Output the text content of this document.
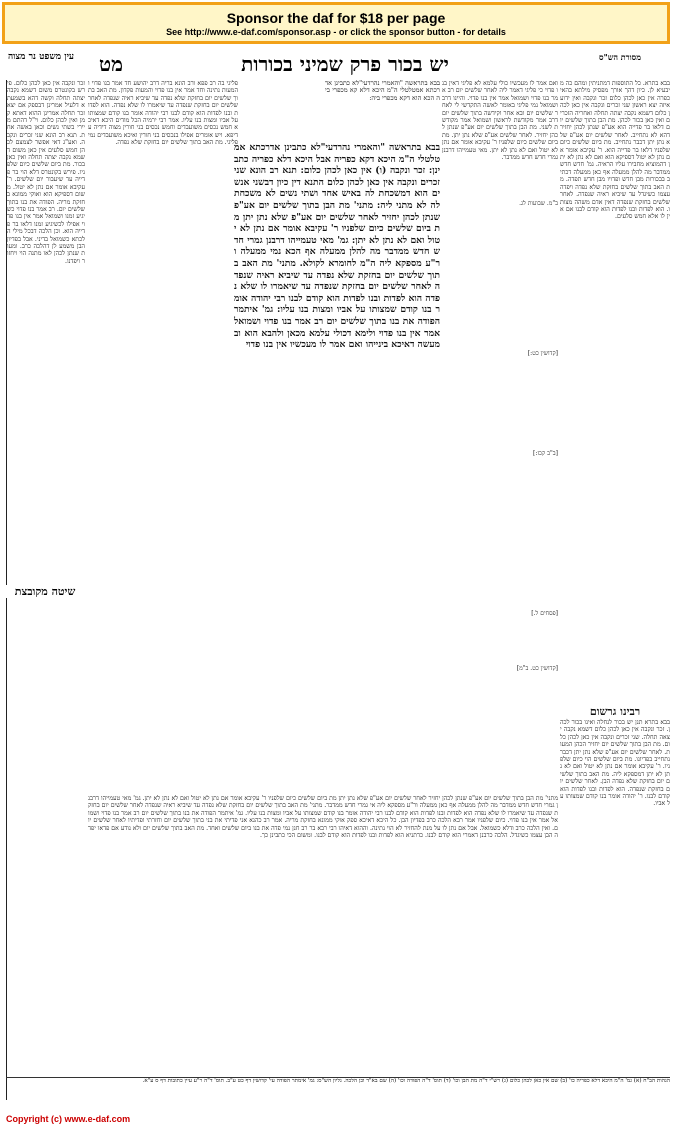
Sponsor the daf for $18 per page
See http://www.e-daf.com/sponsor.asp - or click the sponsor button - for details
מסורת הש"ס
יש בכור פרק שמיני בכורות
מט
עין משפט נר מצוה
בבא בתרא. כל התוספות דמתניתין ומהם כה מיבעיא לן. כיון דהך אורך מפסיק מילתא בהאי כפרה אין כאן לכהן כלום זכר ונקבה ואין ידוע איזה יצא ראשון שני זכרים ונקבה אין כאן לכהן כלום דשמא נקבה יצתה תחלה ואחריה הזכרים ואין כאן בכור לכהן. מת הבן בתוך שלשים יום דלאו בר פדייה הוא אע"פ שנתן לכהן יחזיר דהא לא נתחייב. לאחר שלשים יום אע"פ שלא נתן יתן דכבר נתחייב. מת ביום שלשים כיום שלפניו דלאו בר פדייה הוא. ר' עקיבא אומר אם נתן לא יטול דספיקא הוא ואם לא נתן לא יתן דהמוציא מחבירו עליו הראיה. גמ' חדש חדש ממדבר מה להלן ממעלה אף כאן ממעלה דכתיב בבכורות מבן חדש ופדויו מבן חדש תפדה. מת האב בתוך שלשים בחזקת שלא נפדה ויפדה עצמו כשיגדל עד שיביא ראיה שנפדה. לאחר שלשים בחזקת שנפדה דאין אדם משהה מצותו. הוא לפדות ובנו לפדות הוא קודם לבנו אם אין לו אלא חמש סלעים.
בבא בתראשה "והאמרי נהרדעי"לא כתבינן אדרכתא אמטלטלי ה"מ היכא דלא קא מכפרי ביה הכא הוא דקא מכפרי ביה:
בבא בתראשה "והאמרי נהרדעי"לא כתבינן אדרכתא אמטלטלי ה"מ היכא דקא כפריה אבל היכא דלא כפריה כתבינן: זכר ונקבה (ו) אין כאן לכהן כלום: תנא רב הונא שני זכרים ונקבה אין כאן לכהן כלום התנא דין כיון דבשני אנשים הוא דמשכחת לה באיש אחד ושתי נשים לא משכחת לה לא מתני ליה: מתני' מת הבן בתוך שלשים יום אע"פ שנתן לכהן יחזיר לאחר שלשים יום אע"פ שלא נתן יתן מת ביום שלשים כיום שלפניו ר' עקיבא אומר אם נתן לא יטול ואם לא נתן לא יתן: גמ' מאי טעמייהו דרבנן גמרי חדש חדש ממדבר מה להלן ממעלה אף הכא נמי ממעלה ור"ע מספקא ליה ה"מ לחומרא לקולא. מתני' מת האב בתוך שלשים יום בחזקת שלא נפדה עד שיביא ראיה שנפדה לאחר שלשים יום בחזקת שנפדה עד שיאמרו לו שלא נפדה הוא לפדות ובנו לפדות הוא קודם לבנו רבי יהודה אומר בנו קודם שמצותו על אביו ומצות בנו עליו: גמ' איתמר הפודה את בנו בתוך שלשים יום רב אמר בנו פדוי ושמואל אמר אין בנו פדוי ולימא דכולי עלמא מכאן ולהבא הוא ובמעשה דאיכא בינייהו ואם אמר לו מעכשיו אין בנו פדוי
ואם אמר לו מעכשיו כולי עלמא לא פליגי דאין בנו פדוי כי פליגי דאמר ליה לאחר שלשים יום רב אמר בנו פדוי ושמואל אמר אין בנו פדוי. והיינו דרב ושמואל נמי פליגי באומר לאשה התקדשי לי לאחר שלשים יום ובא אחר וקידשה בתוך שלשים יום דרב אמר מקודשת לראשון ושמואל אמר מקודשת לשני. מת הבן בתוך שלשים יום אע"פ שנתן לכהן יחזיר. לאחר שלשים אע"פ שלא נתן יתן. מת ביום שלשים כיום שלפניו ר' עקיבא אומר אם נתן לא יטול ואם לא נתן לא יתן. מאי טעמייהו דרבנן גמרי חדש חדש ממדבר.
פליגי בה רב פפא ורב הונא בריה דרב יהושע חד אמר בנו פדוי והמעות נתינה וחד אמר אין בנו פדוי והמעות פקדון. מת האב בתוך שלשים יום בחזקת שלא נפדה עד שיביא ראיה שנפדה לאחר שלשים יום בחזקת שנפדה עד שיאמרו לו שלא נפדה. הוא לפדות ובנו לפדות הוא קודם לבנו רבי יהודה אומר בנו קודם שמצותו על אביו ומצות בנו עליו. אמר רבי ירמיה הכל מודים היכא דאיכא חמש נכסים משועבדים וחמש נכסים בני חורין מצוה דידיה עדיפא. ויש אומרים אפילו בנכסים בני חורין ואיכא משועבדים נמי פליגי. מת האב בתוך שלשים יום בחזקת שלא נפדה.
זכר ונקבה אין כאן לכהן כלום. פירש בקונטרס משום דשמא נקבה יצתה תחלה וקשה דהא בשמעתא דלעיל אמרינן דבספק אם יצא זכר תחלה אמרינן ההוא דאתא קמן ואין לכהן כלום. וי"ל דהתם מיירי בשתי נשים וכאן באשה אחת. תנא רב הונא שני זכרים ונקבה. ואע"ג דאי אפשר לצמצם לכהן חמש סלעים אין כאן משום דשמא נקבה יצתה תחלה ואין כאן בכור. מת ביום שלשים כיום שלפניו. פירש בקונטרס דלא הוי בר פדייה עד שיעבור יום שלשים. ר' עקיבא אומר אם נתן לא יטול. משום דספיקא הוא ואוקי ממונא בחזקת מריה. הפודה את בנו בתוך שלשים יום. רב אמר בנו פדוי כשיגיע זמנו ושמואל אמר אין בנו פדוי אפילו לכשיגיע זמנו דלאו בר פדייה הוא. וכן הלכה דבכל מילי הלכתא כשמואל בדיני. אבל בפדיון הבן משמע לן דהלכה כרב. ומעות שנתן לכהן לאו מתנה הוי ויחזור ויפדנו.
שיטה מקובצת
מתני' מת הבן בתוך שלשים יום אע"פ שנתן לכהן יחזיר לאחר שלשים יום אע"פ שלא נתן יתן מת ביום שלשים כיום שלפניו ר' עקיבא אומר אם נתן לא יטול ואם לא נתן לא יתן. גמ' מאי טעמייהו דרבנן גמרי חדש חדש ממדבר מה להלן ממעלה אף כאן ממעלה ור"ע מספקא ליה אי גמרי חדש ממדבר. מתני' מת האב בתוך שלשים יום בחזקת שלא נפדה עד שיביא ראיה שנפדה לאחר שלשים יום בחזקת שנפדה עד שיאמרו לו שלא נפדה הוא לפדות ובנו לפדות הוא קודם לבנו רבי יהודה אומר בנו קודם שמצותו על אביו ומצות בנו עליו. גמ' איתמר הפודה את בנו בתוך שלשים יום רב אמר בנו פדוי ושמואל אמר אין בנו פדוי. כיום שלפניו אמר רבא הלכה כרב בפדיון הבן. כל היכא דאיכא ספק אוקי ממונא בחזקת מריה. אמר רב כהנא אני פדיתי את בני בתוך שלשים יום וחזרתי ופדיתיו לאחר שלשים יום. ואין הלכה כרב ודלא כשמואל. אבל אם נתן לו על מנת להחזיר לא הוי נתינה. וההוא דאיהו רבי רבא בר רב חנן נמי פדה את בנו ביום שלשים ואחד. מת האב בתוך שלשים יום ולא נודע אם פדאו יפדה הבן עצמו כשיגדל. הלכה כרבנן דאמרי הוא קודם לבנו. כדתניא הוא לפדות ובנו לפדות הוא קודם לבנו. ומשום הכי כתבינן כך.
רבינו גרשום
בבא בתרא תנן יש בכור לנחלה ואינו בכור לכהן. זכר ונקבה אין כאן לכהן כלום דשמא נקבה יצאה תחלה. שני זכרים ונקבה אין כאן לכהן כלום. מת הבן בתוך שלשים יום יחזיר הכהן המעות. לאחר שלשים יום אע"פ שלא נתן יתן דכבר נתחייב בפדיונו. מת ביום שלשים הוי כיום שלפניו. ר' עקיבא אומר אם נתן לא יטול ואם לא נתן לא יתן דמספקא ליה. מת האב בתוך שלשים יום בחזקת שלא נפדה הבן. לאחר שלשים יום בחזקת שנפדה. הוא לפדות ובנו לפדות הוא קודם לבנו. ר' יהודה אומר בנו קודם שמצותו על אביו.
ב"מ. שבועות לג.
[קדושין כט:]
[ב"ב קכז:]
[פסחים ל.]
[קדושין כט. ב"מ]
הגהות הב"ח (א) גמ' ה"מ היכא דלא כפריה כו' (ב) שם אין כאן לכהן כלום (ג) רש"י ד"ה מת הבן וכו' (ד) תוס' ד"ה הפודה וכו' (ה) שם בא"ד וכן הלכה. גליון הש"ס: גמ' אימתר הפודה עי' קדושין דף כט ע"ב. תוס' ד"ה ר"ע עיין כתובות דף ס ע"א.
Copyright (c) www.e-daf.com
